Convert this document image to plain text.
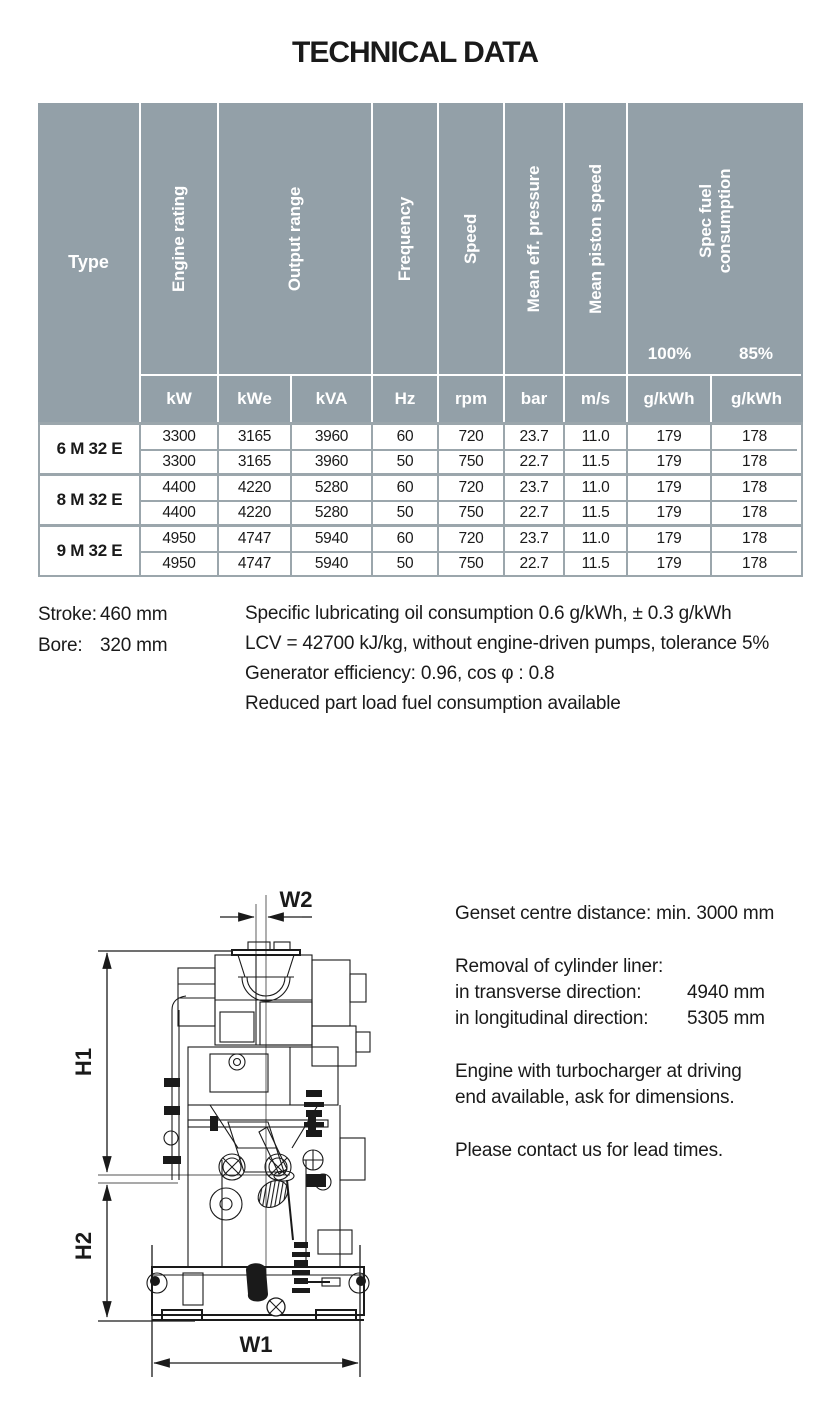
TECHNICAL DATA
Type	Engine rating	Output range	Frequency	Speed	Mean eff. pressure	Mean piston speed	Spec fuel consumption
100%	85%
kW	kWe	kVA	Hz	rpm	bar	m/s	g/kWh	g/kWh
6 M 32 E
3300	3165	3960	60	720	23.7	11.0	179	178
3300	3165	3960	50	750	22.7	11.5	179	178
8 M 32 E
4400	4220	5280	60	720	23.7	11.0	179	178
4400	4220	5280	50	750	22.7	11.5	179	178
9 M 32 E
4950	4747	5940	60	720	23.7	11.0	179	178
4950	4747	5940	50	750	22.7	11.5	179	178
Stroke: 460 mm
Bore: 320 mm
Specific lubricating oil consumption 0.6 g/kWh, ± 0.3 g/kWh
LCV = 42700 kJ/kg, without engine-driven pumps, tolerance 5%
Generator efficiency: 0.96, cos φ : 0.8
Reduced part load fuel consumption available
W2
H1
H2
W1
Genset centre distance: min. 3000 mm
Removal of cylinder liner:
in transverse direction:	4940 mm
in longitudinal direction:	5305 mm
Engine with turbocharger at driving
end available, ask for dimensions.
Please contact us for lead times.
